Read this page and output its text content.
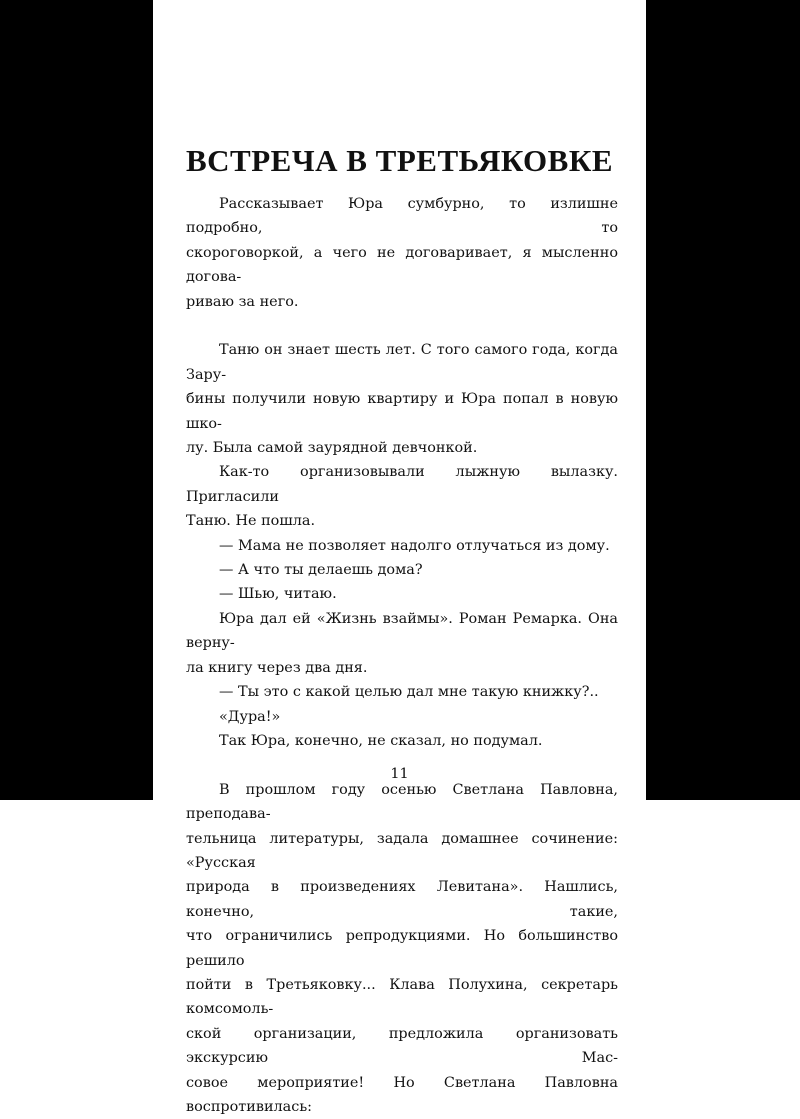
ВСТРЕЧА В ТРЕТЬЯКОВКЕ
Рассказывает Юра сумбурно, то излишне подробно, то
скороговоркой, а чего не договаривает, я мысленно догова-
риваю за него.
Таню он знает шесть лет. С того самого года, когда Зару-
бины получили новую квартиру и Юра попал в новую шко-
лу. Была самой заурядной девчонкой.
Как-то организовывали лыжную вылазку. Пригласили
Таню. Не пошла.
— Мама не позволяет надолго отлучаться из дому.
— А что ты делаешь дома?
— Шью, читаю.
Юра дал ей «Жизнь взаймы». Роман Ремарка. Она верну-
ла книгу через два дня.
— Ты это с какой целью дал мне такую книжку?..
«Дура!»
Так Юра, конечно, не сказал, но подумал.
В прошлом году осенью Светлана Павловна, преподава-
тельница литературы, задала домашнее сочинение: «Русская
природа в произведениях Левитана». Нашлись, конечно, такие,
что ограничились репродукциями. Но большинство решило
пойти в Третьяковку... Клава Полухина, секретарь комсомоль-
ской организации, предложила организовать экскурсию Мас-
совое мероприятие! Но Светлана Павловна воспротивилась:
11
